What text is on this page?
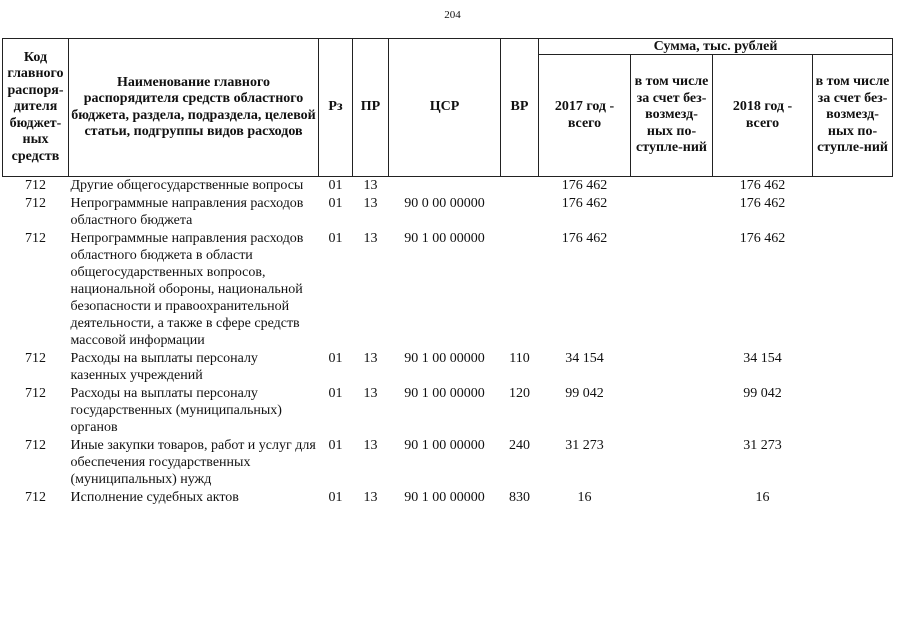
204
Код главного распоря-дителя бюджет-ных средств	Наименование главного распорядителя средств областного бюджета, раздела, подраздела, целевой статьи, подгруппы видов расходов	Рз	ПР	ЦСР	ВР	Сумма, тыс. рублей			
						2017 год - всего	в том числе за счет без-возмезд-ных по-ступле-ний	2018 год - всего	в том числе за счет без-возмезд-ных по-ступле-ний
712	Другие общегосударственные вопросы	01	13			176 462		176 462	
712	Непрограммные направления расходов областного бюджета	01	13	90 0 00 00000		176 462		176 462	
712	Непрограммные направления расходов областного бюджета в области общегосударственных вопросов, национальной обороны, национальной безопасности и правоохранительной деятельности, а также в сфере средств массовой информации	01	13	90 1 00 00000		176 462		176 462	
712	Расходы на выплаты персоналу казенных учреждений	01	13	90 1 00 00000	110	34 154		34 154	
712	Расходы на выплаты персоналу государственных (муниципальных) органов	01	13	90 1 00 00000	120	99 042		99 042	
712	Иные закупки товаров, работ и услуг для обеспечения государственных (муниципальных) нужд	01	13	90 1 00 00000	240	31 273		31 273	
712	Исполнение судебных актов	01	13	90 1 00 00000	830	16		16	
